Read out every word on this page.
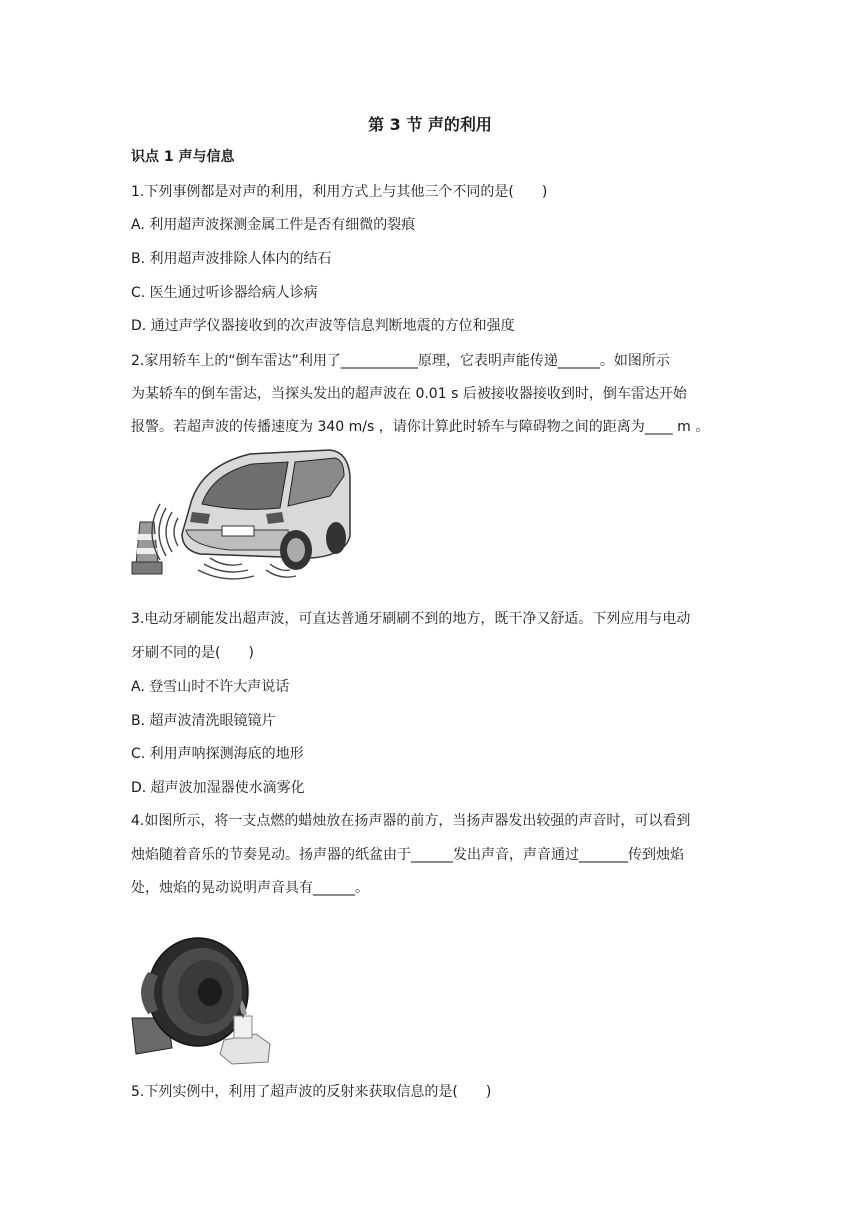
第 3 节 声的利用
识点 1 声与信息
1.下列事例都是对声的利用，利用方式上与其他三个不同的是(　　)
A. 利用超声波探测金属工件是否有细微的裂痕
B. 利用超声波排除人体内的结石
C. 医生通过听诊器给病人诊病
D. 通过声学仪器接收到的次声波等信息判断地震的方位和强度
2.家用轿车上的“倒车雷达”利用了___________原理，它表明声能传递______。如图所示
为某轿车的倒车雷达，当探头发出的超声波在 0.01 s 后被接收器接收到时，倒车雷达开始
报警。若超声波的传播速度为 340 m/s ，请你计算此时轿车与障碍物之间的距离为____ m 。
3.电动牙刷能发出超声波，可直达普通牙刷刷不到的地方，既干净又舒适。下列应用与电动
牙刷不同的是(　　)
A. 登雪山时不许大声说话
B. 超声波清洗眼镜镜片
C. 利用声呐探测海底的地形
D. 超声波加湿器使水滴雾化
4.如图所示，将一支点燃的蜡烛放在扬声器的前方，当扬声器发出较强的声音时，可以看到
烛焰随着音乐的节奏晃动。扬声器的纸盆由于______发出声音，声音通过_______传到烛焰
处，烛焰的晃动说明声音具有______。
5.下列实例中，利用了超声波的反射来获取信息的是(　　)
